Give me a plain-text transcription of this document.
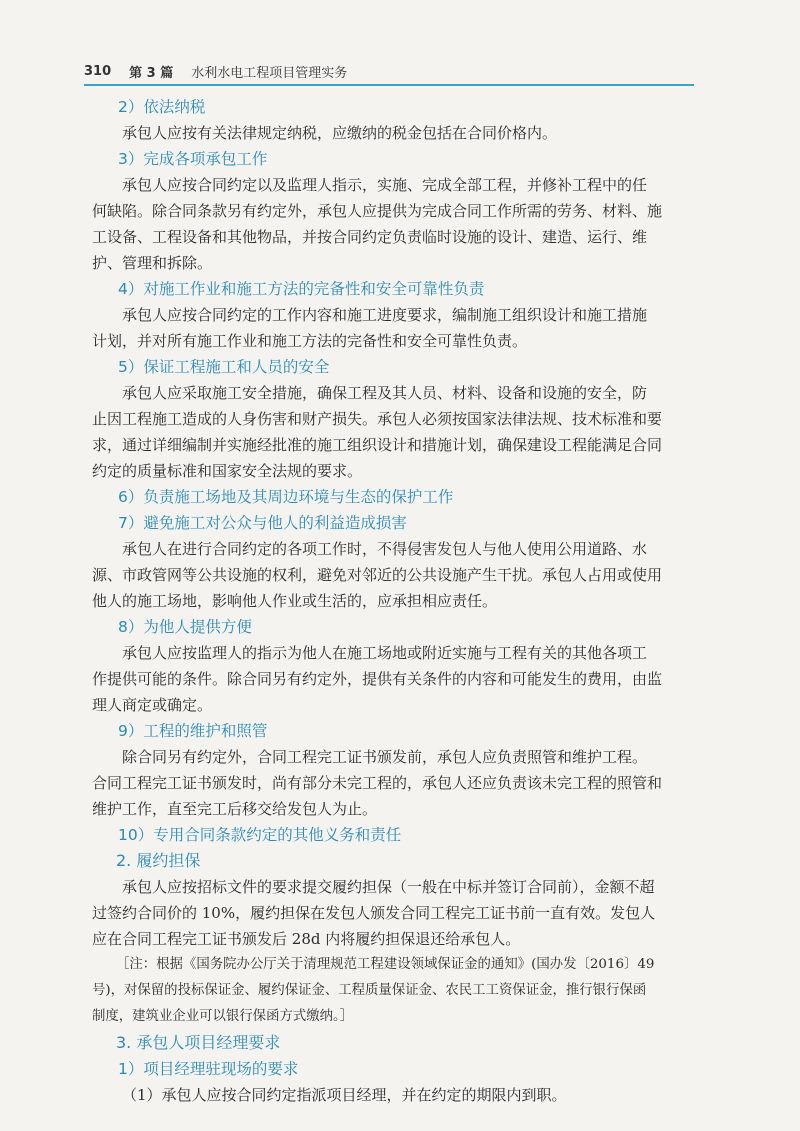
310 第 3 篇 水利水电工程项目管理实务
2）依法纳税
承包人应按有关法律规定纳税，应缴纳的税金包括在合同价格内。
3）完成各项承包工作
承包人应按合同约定以及监理人指示，实施、完成全部工程，并修补工程中的任
何缺陷。除合同条款另有约定外，承包人应提供为完成合同工作所需的劳务、材料、施
工设备、工程设备和其他物品，并按合同约定负责临时设施的设计、建造、运行、维
护、管理和拆除。
4）对施工作业和施工方法的完备性和安全可靠性负责
承包人应按合同约定的工作内容和施工进度要求，编制施工组织设计和施工措施
计划，并对所有施工作业和施工方法的完备性和安全可靠性负责。
5）保证工程施工和人员的安全
承包人应采取施工安全措施，确保工程及其人员、材料、设备和设施的安全，防
止因工程施工造成的人身伤害和财产损失。承包人必须按国家法律法规、技术标准和要
求，通过详细编制并实施经批准的施工组织设计和措施计划，确保建设工程能满足合同
约定的质量标准和国家安全法规的要求。
6）负责施工场地及其周边环境与生态的保护工作
7）避免施工对公众与他人的利益造成损害
承包人在进行合同约定的各项工作时，不得侵害发包人与他人使用公用道路、水
源、市政管网等公共设施的权利，避免对邻近的公共设施产生干扰。承包人占用或使用
他人的施工场地，影响他人作业或生活的，应承担相应责任。
8）为他人提供方便
承包人应按监理人的指示为他人在施工场地或附近实施与工程有关的其他各项工
作提供可能的条件。除合同另有约定外，提供有关条件的内容和可能发生的费用，由监
理人商定或确定。
9）工程的维护和照管
除合同另有约定外，合同工程完工证书颁发前，承包人应负责照管和维护工程。
合同工程完工证书颁发时，尚有部分未完工程的，承包人还应负责该未完工程的照管和
维护工作，直至完工后移交给发包人为止。
10）专用合同条款约定的其他义务和责任
2. 履约担保
承包人应按招标文件的要求提交履约担保（一般在中标并签订合同前），金额不超
过签约合同价的 10%，履约担保在发包人颁发合同工程完工证书前一直有效。发包人
应在合同工程完工证书颁发后 28d 内将履约担保退还给承包人。
［注：根据《国务院办公厅关于清理规范工程建设领域保证金的通知》(国办发〔2016〕49
号)，对保留的投标保证金、履约保证金、工程质量保证金、农民工工资保证金，推行银行保函
制度，建筑业企业可以银行保函方式缴纳。］
3. 承包人项目经理要求
1）项目经理驻现场的要求
（1）承包人应按合同约定指派项目经理，并在约定的期限内到职。
